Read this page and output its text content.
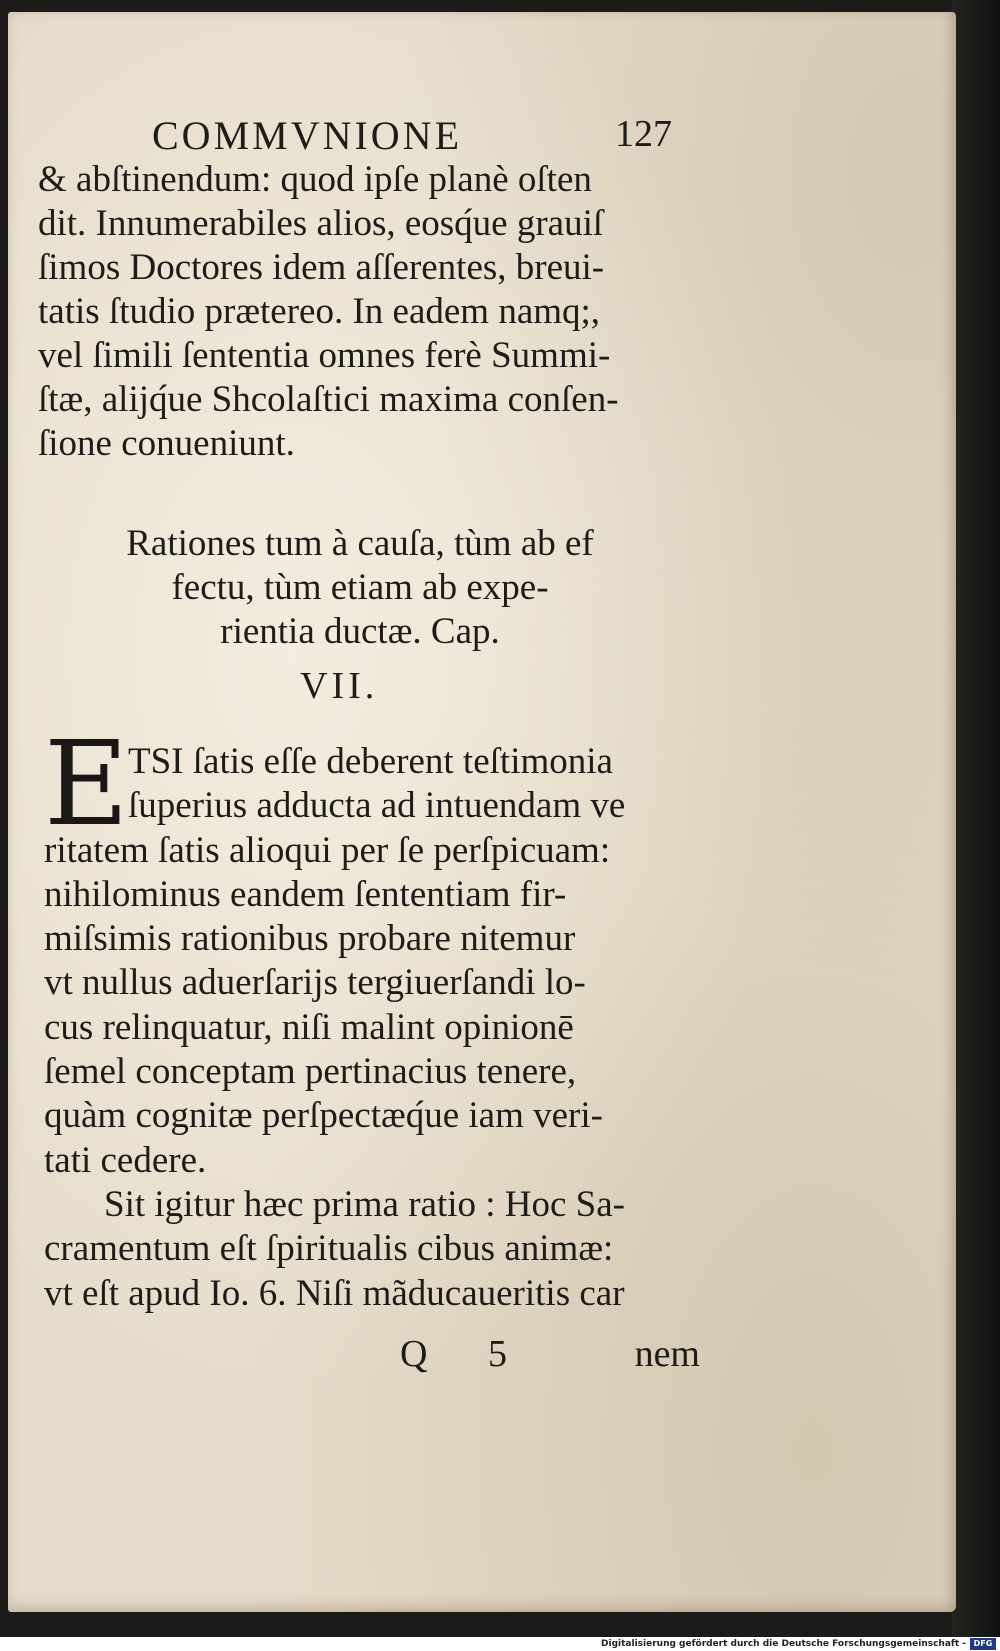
COMMVNIONE	127
& abſtinendum: quod ipſe planè oſten
dit. Innumerabiles alios, eosq́ue grauiſ
ſimos Doctores idem aſſerentes, breui-
tatis ſtudio prætereo. In eadem namq;,
vel ſimili ſententia omnes ferè Summi-
ſtæ, alijq́ue Shcolaſtici maxima conſen-
ſione conueniunt.
Rationes tum à cauſa, tùm ab ef
fectu, tùm etiam ab expe-
rientia ductæ. Cap.
VII.
E TSI ſatis eſſe deberent teſtimonia
ſuperius adducta ad intuendam ve
ritatem ſatis alioqui per ſe perſpicuam:
nihilominus eandem ſententiam fir-
miſsimis rationibus probare nitemur
vt nullus aduerſarijs tergiuerſandi lo-
cus relinquatur, niſi malint opinionē
ſemel conceptam pertinacius tenere,
quàm cognitæ perſpectæq́ue iam veri-
tati cedere.
Sit igitur hæc prima ratio : Hoc Sa-
cramentum eſt ſpiritualis cibus animæ:
vt eſt apud Io. 6. Niſi mãducaueritis car
Q 5	nem
Digitalisierung gefördert durch die Deutsche Forschungsgemeinschaft - DFG
